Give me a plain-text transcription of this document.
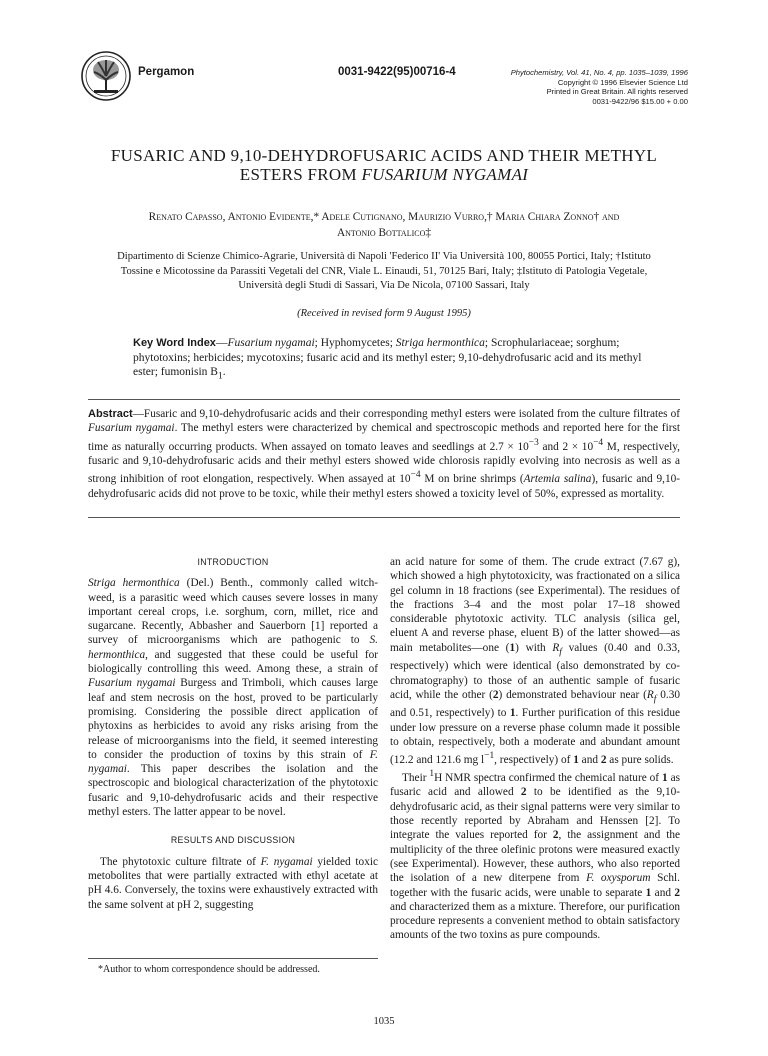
Pergamon	0031-9422(95)00716-4	Phytochemistry, Vol. 41, No. 4, pp. 1035–1039, 1996
Copyright © 1996 Elsevier Science Ltd
Printed in Great Britain. All rights reserved
0031-9422/96 $15.00 + 0.00
FUSARIC AND 9,10-DEHYDROFUSARIC ACIDS AND THEIR METHYL
ESTERS FROM FUSARIUM NYGAMAI
Renato Capasso, Antonio Evidente,* Adele Cutignano, Maurizio Vurro,† Maria Chiara Zonno† and
Antonio Bottalico‡
Dipartimento di Scienze Chimico-Agrarie, Università di Napoli 'Federico II' Via Università 100, 80055 Portici, Italy; †Istituto
Tossine e Micotossine da Parassiti Vegetali del CNR, Viale L. Einaudi, 51, 70125 Bari, Italy; ‡Istituto di Patologia Vegetale,
Università degli Studi di Sassari, Via De Nicola, 07100 Sassari, Italy
(Received in revised form 9 August 1995)
Key Word Index—Fusarium nygamai; Hyphomycetes; Striga hermonthica; Scrophulariaceae; sorghum; phytotoxins; herbicides; mycotoxins; fusaric acid and its methyl ester; 9,10-dehydrofusaric acid and its methyl ester; fumonisin $B_1$.
Abstract—Fusaric and 9,10-dehydrofusaric acids and their corresponding methyl esters were isolated from the culture filtrates of Fusarium nygamai. The methyl esters were characterized by chemical and spectroscopic methods and reported here for the first time as naturally occurring products. When assayed on tomato leaves and seedlings at $2.7 \times 10^{-3}$ and $2 \times 10^{-4}$ M, respectively, fusaric and 9,10-dehydrofusaric acids and their methyl esters showed wide chlorosis rapidly evolving into necrosis as well as a strong inhibition of root elongation, respectively. When assayed at $10^{-4}$ M on brine shrimps (Artemia salina), fusaric and 9,10-dehydrofusaric acids did not prove to be toxic, while their methyl esters showed a toxicity level of 50%, expressed as mortality.
INTRODUCTION

Striga hermonthica (Del.) Benth., commonly called witch-weed, is a parasitic weed which causes severe losses in many important cereal crops, i.e. sorghum, corn, millet, rice and sugarcane. Recently, Abbasher and Sauerborn [1] reported a survey of microorganisms which are pathogenic to S. hermonthica, and suggested that these could be useful for biologically controlling this weed. Among these, a strain of Fusarium nygamai Burgess and Trimboli, which causes large leaf and stem necrosis on the host, proved to be particularly promising. Considering the possible direct application of phytoxins as herbicides to avoid any risks arising from the release of microorganisms into the field, it seemed interesting to consider the production of toxins by this strain of F. nygamai. This paper describes the isolation and the spectroscopic and biological characterization of the phytotoxic fusaric and 9,10-dehydrofusaric acids and their respective methyl esters. The latter appear to be novel.

RESULTS AND DISCUSSION

The phytotoxic culture filtrate of F. nygamai yielded toxic metobolites that were partially extracted with ethyl acetate at pH 4.6. Conversely, the toxins were exhaustively extracted with the same solvent at pH 2, suggesting

*Author to whom correspondence should be addressed.

an acid nature for some of them. The crude extract (7.67 g), which showed a high phytotoxicity, was fractionated on a silica gel column in 18 fractions (see Experimental). The residues of the fractions 3–4 and the most polar 17–18 showed considerable phytotoxic activity. TLC analysis (silica gel, eluent A and reverse phase, eluent B) of the latter showed—as main metabolites—one (1) with $R_f$ values (0.40 and 0.33, respectively) which were identical (also demonstrated by co-chromatography) to those of an authentic sample of fusaric acid, while the other (2) demonstrated behaviour near ($R_f$ 0.30 and 0.51, respectively) to 1. Further purification of this residue under low pressure on a reverse phase column made it possible to obtain, respectively, both a moderate and abundant amount (12.2 and 121.6 mg $l^{-1}$, respectively) of 1 and 2 as pure solids.

Their $^1$H NMR spectra confirmed the chemical nature of 1 as fusaric acid and allowed 2 to be identified as the 9,10-dehydrofusaric acid, as their signal patterns were very similar to those recently reported by Abraham and Henssen [2]. To integrate the values reported for 2, the assignment and the multiplicity of the three olefinic protons were measured exactly (see Experimental). However, these authors, who also reported the isolation of a new diterpene from F. oxysporum Schl. together with the fusaric acids, were unable to separate 1 and 2 and characterized them as a mixture. Therefore, our purification procedure represents a convenient method to obtain satisfactory amounts of the two toxins as pure compounds.

1035
